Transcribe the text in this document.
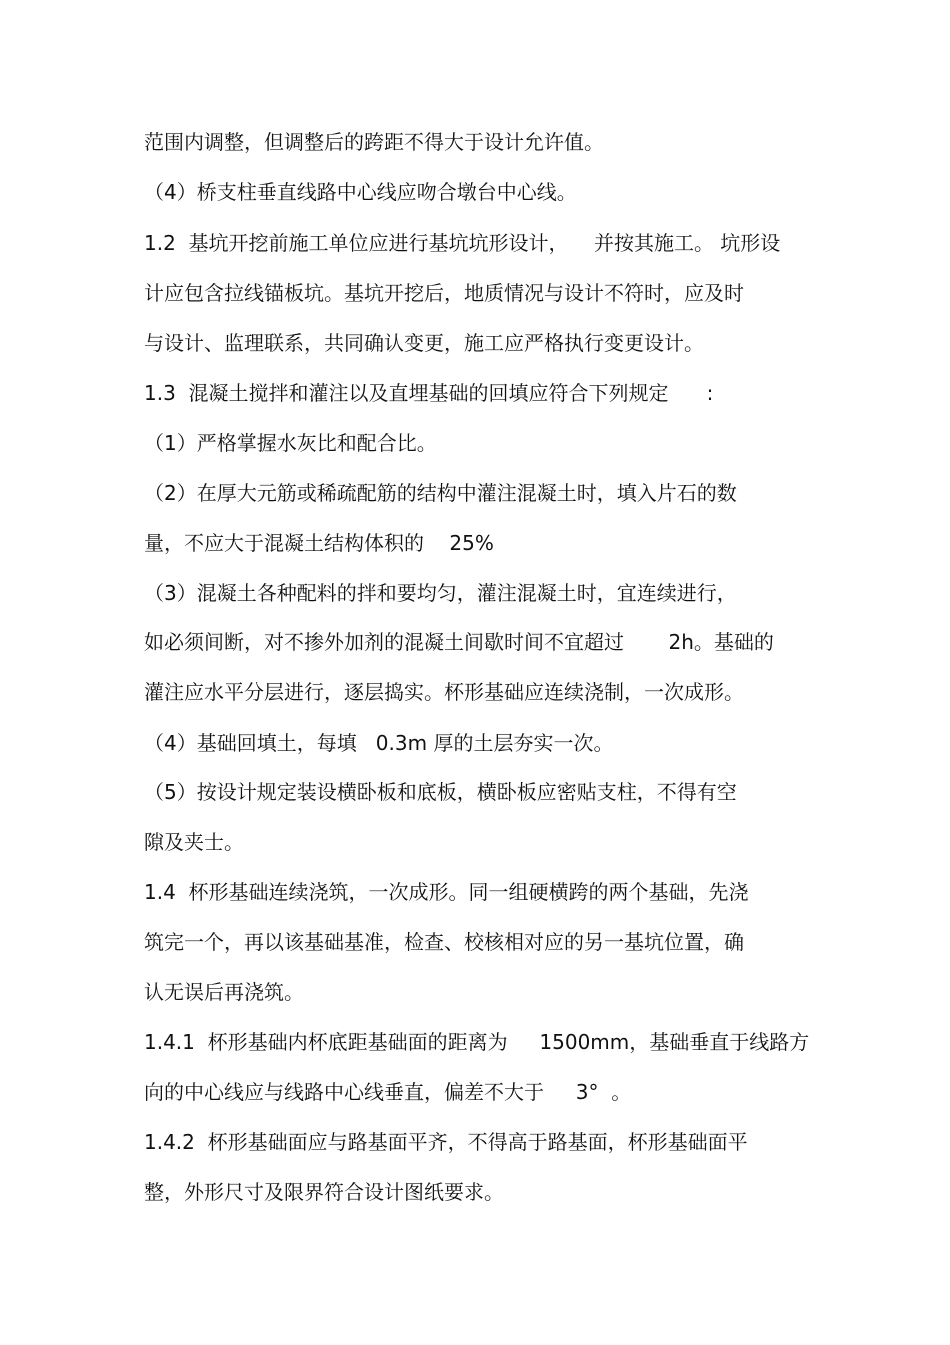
范围内调整，但调整后的跨距不得大于设计允许值。
（4）桥支柱垂直线路中心线应吻合墩台中心线。
1.2  基坑开挖前施工单位应进行基坑坑形设计，    并按其施工。 坑形设
计应包含拉线锚板坑。基坑开挖后，地质情况与设计不符时，应及时
与设计、监理联系，共同确认变更，施工应严格执行变更设计。
1.3  混凝土搅拌和灌注以及直埋基础的回填应符合下列规定      :
（1）严格掌握水灰比和配合比。
（2）在厚大元筋或稀疏配筋的结构中灌注混凝土时，填入片石的数
量，不应大于混凝土结构体积的    25%
（3）混凝土各种配料的拌和要均匀，灌注混凝土时，宜连续进行，
如必须间断，对不掺外加剂的混凝土间歇时间不宜超过       2h。基础的
灌注应水平分层进行，逐层捣实。杯形基础应连续浇制，一次成形。
（4）基础回填土，每填   0.3m 厚的土层夯实一次。
（5）按设计规定装设横卧板和底板，横卧板应密贴支柱，不得有空
隙及夹士。
1.4  杯形基础连续浇筑，一次成形。同一组硬横跨的两个基础，先浇
筑完一个，再以该基础基准，检查、校核相对应的另一基坑位置，确
认无误后再浇筑。
1.4.1  杯形基础内杯底距基础面的距离为     1500mm，基础垂直于线路方
向的中心线应与线路中心线垂直，偏差不大于     3°  。
1.4.2  杯形基础面应与路基面平齐，不得高于路基面，杯形基础面平
整，外形尺寸及限界符合设计图纸要求。
